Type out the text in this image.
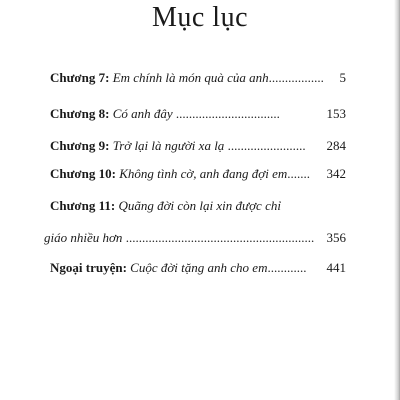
Mục lục
Chương 7: Em chính là món quà của anh................. 5
Chương 8: Có anh đây ................................	153
Chương 9: Trở lại là người xa lạ ........................ 284
Chương 10: Không tình cờ, anh đang đợi em....... 342
Chương 11: Quãng đời còn lại xin được chỉ
giáo nhiều hơn .......................................................... 356
Ngoại truyện: Cuộc đời tặng anh cho em............ 441
